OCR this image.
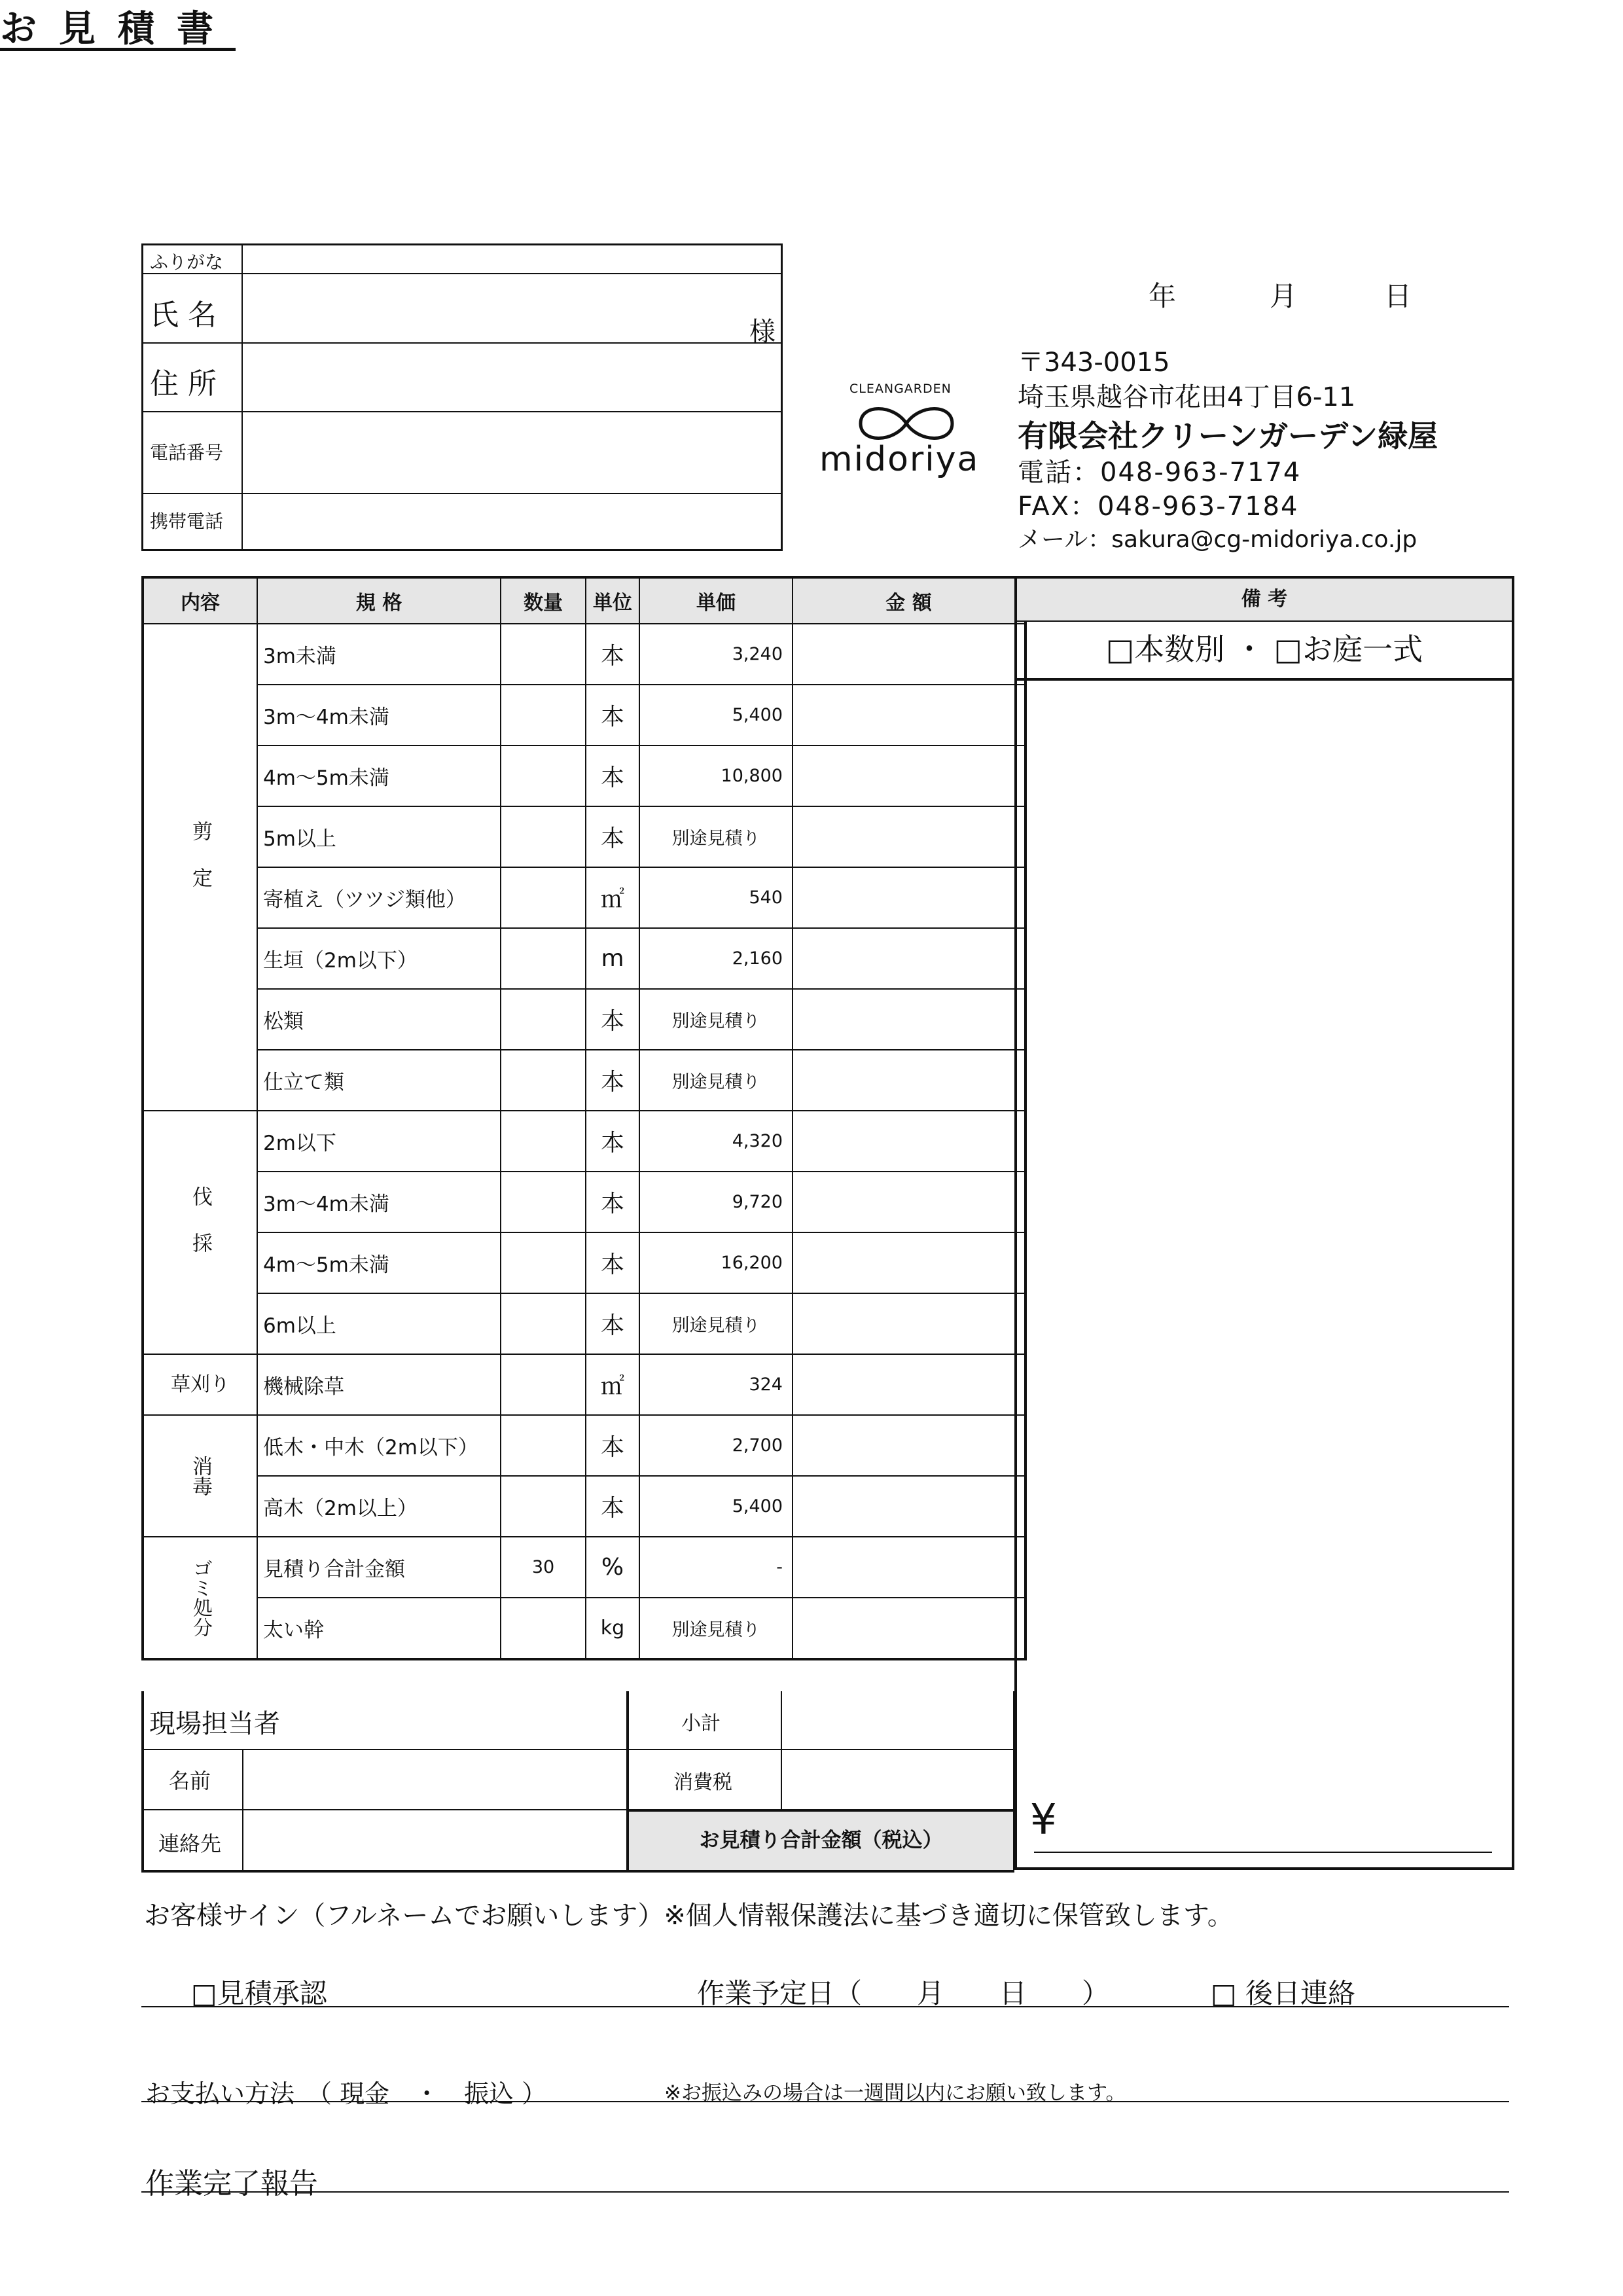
お見積書
ふりがな
氏 名	様
住 所
電話番号
携帯電話
年	月	日
CLEANGARDEN
midoriya
〒343-0015
埼玉県越谷市花田4丁目6-11
有限会社クリーンガーデン緑屋
電話：048-963-7174
FAX：048-963-7184
メール：sakura@cg-midoriya.co.jp
内容	規 格	数量	単位	単価	金 額
剪定	3m未満		本	3,240	
	3m～4m未満		本	5,400	
	4m～5m未満		本	10,800	
	5m以上		本	別途見積り	
	寄植え（ツツジ類他）		㎡	540	
	生垣（2m以下）		m	2,160	
	松類		本	別途見積り	
	仕立て類		本	別途見積り	
伐採	2m以下		本	4,320	
	3m～4m未満		本	9,720	
	4m～5m未満		本	16,200	
	6m以上		本	別途見積り	
草刈り	機械除草		㎡	324	
消毒	低木・中木（2m以下）		本	2,700	
	高木（2m以上）		本	5,400	
ゴミ処分	見積り合計金額	30	%	-	
	太い幹		kg	別途見積り	
備 考
□本数別 ・ □お庭一式
¥
現場担当者
名前
連絡先
小計
消費税
お見積り合計金額（税込）
お客様サイン（フルネームでお願いします）※個人情報保護法に基づき適切に保管致します。
□見積承認	作業予定日（　　月　　日　　）	□ 後日連絡
お支払い方法　（ 現金　・　振込 ）	※お振込みの場合は一週間以内にお願い致します。
作業完了報告
